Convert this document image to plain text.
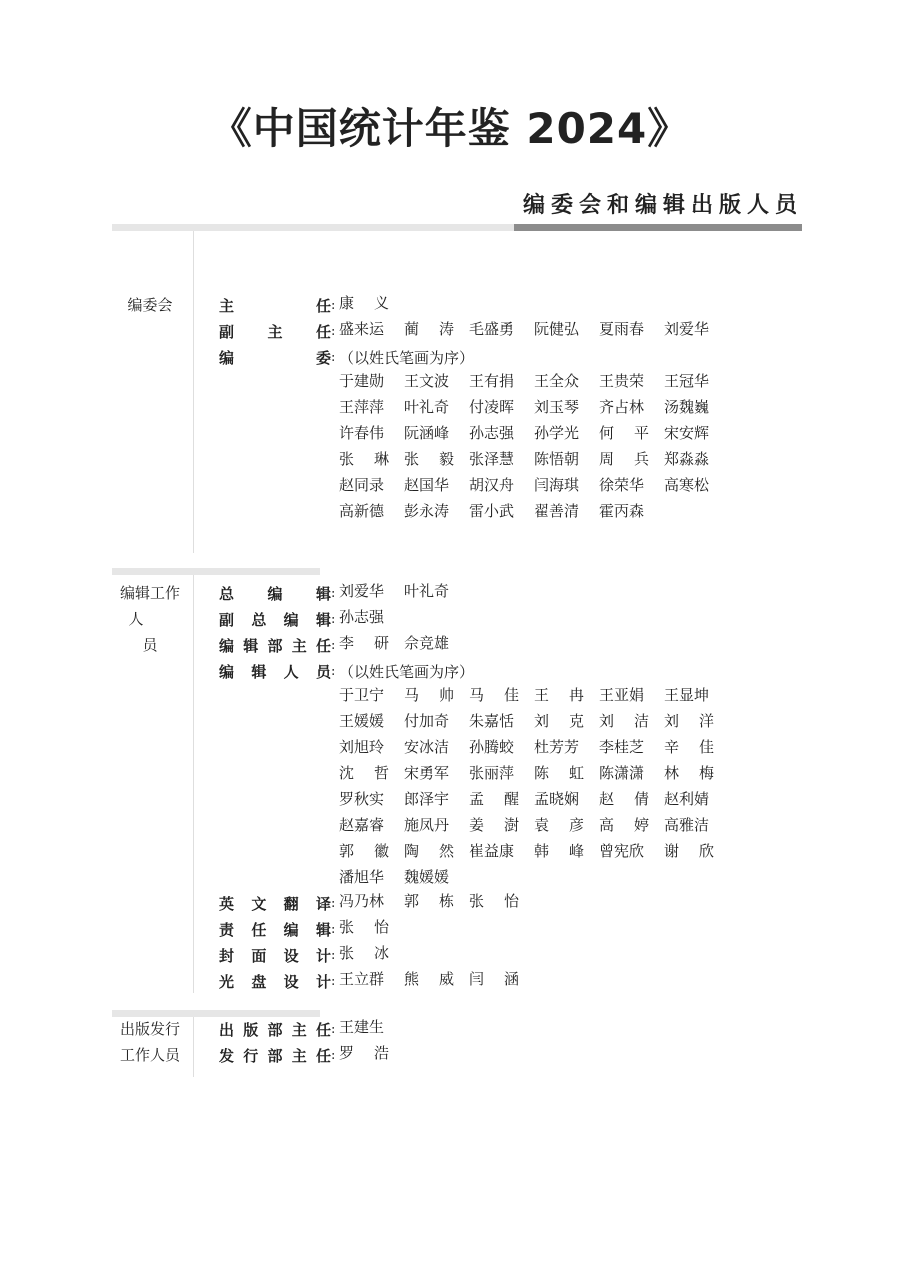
《中国统计年鉴 2024》
编委会和编辑出版人员
编委会	主	任 : 康 义
副 主 任 : 盛来运 蔺 涛 毛盛勇 阮健弘 夏雨春 刘爱华
编	委 : （以姓氏笔画为序）
于建勋 王文波 王有捐 王全众 王贵荣 王冠华
王萍萍 叶礼奇 付凌晖 刘玉琴 齐占林 汤魏巍
许春伟 阮涵峰 孙志强 孙学光 何 平 宋安辉
张 琳 张 毅 张泽慧 陈悟朝 周 兵 郑淼淼
赵同录 赵国华 胡汉舟 闫海琪 徐荣华 高寒松
高新德 彭永涛 雷小武 翟善清 霍丙森
编辑工作
人员
总 编 辑 : 刘爱华 叶礼奇
副 总 编 辑 : 孙志强
编 辑 部 主 任 : 李 研 佘竞雄
编 辑 人 员 : （以姓氏笔画为序）
于卫宁 马 帅 马 佳 王 冉 王亚娟 王显坤
王媛媛 付加奇 朱嘉恬 刘 克 刘 洁 刘 洋
刘旭玲 安冰洁 孙腾蛟 杜芳芳 李桂芝 辛 佳
沈 哲 宋勇军 张丽萍 陈 虹 陈潇潇 林 梅
罗秋实 郎泽宇 孟 醒 孟晓娴 赵 倩 赵利婧
赵嘉睿 施凤丹 姜 澍 袁 彦 高 婷 高雅洁
郭 徽 陶 然 崔益康 韩 峰 曾宪欣 谢 欣
潘旭华 魏媛媛
英 文 翻 译 : 冯乃林 郭 栋 张 怡
责 任 编 辑 : 张 怡
封 面 设 计 : 张 冰
光 盘 设 计 : 王立群 熊 威 闫 涵
出版发行
工作人员
出 版 部 主 任 : 王建生
发 行 部 主 任 : 罗 浩
